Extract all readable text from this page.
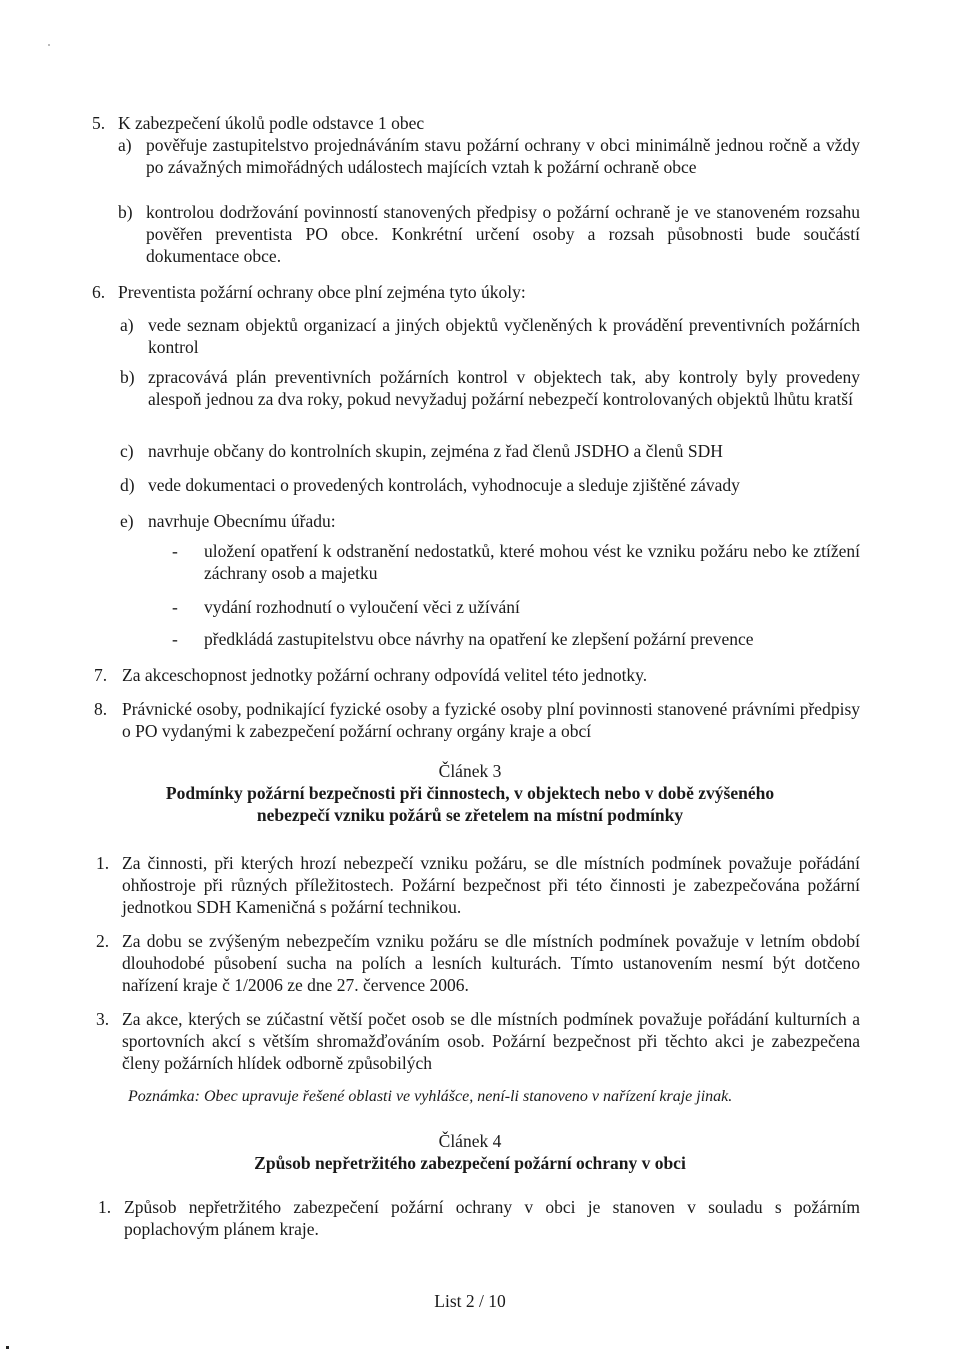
5. K zabezpečení úkolů podle odstavce 1 obec
a) pověřuje zastupitelstvo projednáváním stavu požární ochrany v obci minimálně jednou ročně a vždy po závažných mimořádných událostech majících vztah k požární ochraně obce
b) kontrolou dodržování povinností stanovených předpisy o požární ochraně je ve stanoveném rozsahu pověřen preventista PO obce. Konkrétní určení osoby a rozsah působnosti bude součástí dokumentace obce.
6. Preventista požární ochrany obce plní zejména tyto úkoly:
a) vede seznam objektů organizací a jiných objektů vyčleněných k provádění preventivních požárních kontrol
b) zpracovává plán preventivních požárních kontrol v objektech tak, aby kontroly byly provedeny alespoň jednou za dva roky, pokud nevyžaduj požární nebezpečí kontrolovaných objektů lhůtu kratší
c) navrhuje občany do kontrolních skupin, zejména z řad členů JSDHO a členů SDH
d) vede dokumentaci o provedených kontrolách, vyhodnocuje a sleduje zjištěné závady
e) navrhuje Obecnímu úřadu:
- uložení opatření k odstranění nedostatků, které mohou vést ke vzniku požáru nebo ke ztížení záchrany osob a majetku
- vydání rozhodnutí o vyloučení věci z užívání
- předkládá zastupitelstvu obce návrhy na opatření ke zlepšení požární prevence
7. Za akceschopnost jednotky požární ochrany odpovídá velitel této jednotky.
8. Právnické osoby, podnikající fyzické osoby a fyzické osoby plní povinnosti stanovené právními předpisy o PO vydanými k zabezpečení požární ochrany orgány kraje a obcí
Článek 3
Podmínky požární bezpečnosti při činnostech, v objektech nebo v době zvýšeného
nebezpečí vzniku požárů se zřetelem na místní podmínky
1. Za činnosti, při kterých hrozí nebezpečí vzniku požáru, se dle místních podmínek považuje pořádání ohňostroje při různých příležitostech. Požární bezpečnost při této činnosti je zabezpečována požární jednotkou SDH Kameničná s požární technikou.
2. Za dobu se zvýšeným nebezpečím vzniku požáru se dle místních podmínek považuje v letním období dlouhodobé působení sucha na polích a lesních kulturách. Tímto ustanovením nesmí být dotčeno nařízení kraje č 1/2006 ze dne 27. července 2006.
3. Za akce, kterých se zúčastní větší počet osob se dle místních podmínek považuje pořádání kulturních a sportovních akcí s větším shromažďováním osob. Požární bezpečnost při těchto akci je zabezpečena členy požárních hlídek odborně způsobilých
Poznámka: Obec upravuje řešené oblasti ve vyhlášce, není-li stanoveno v nařízení kraje jinak.
Článek 4
Způsob nepřetržitého zabezpečení požární ochrany v obci
1. Způsob nepřetržitého zabezpečení požární ochrany v obci je stanoven v souladu s požárním poplachovým plánem kraje.
List 2 / 10
